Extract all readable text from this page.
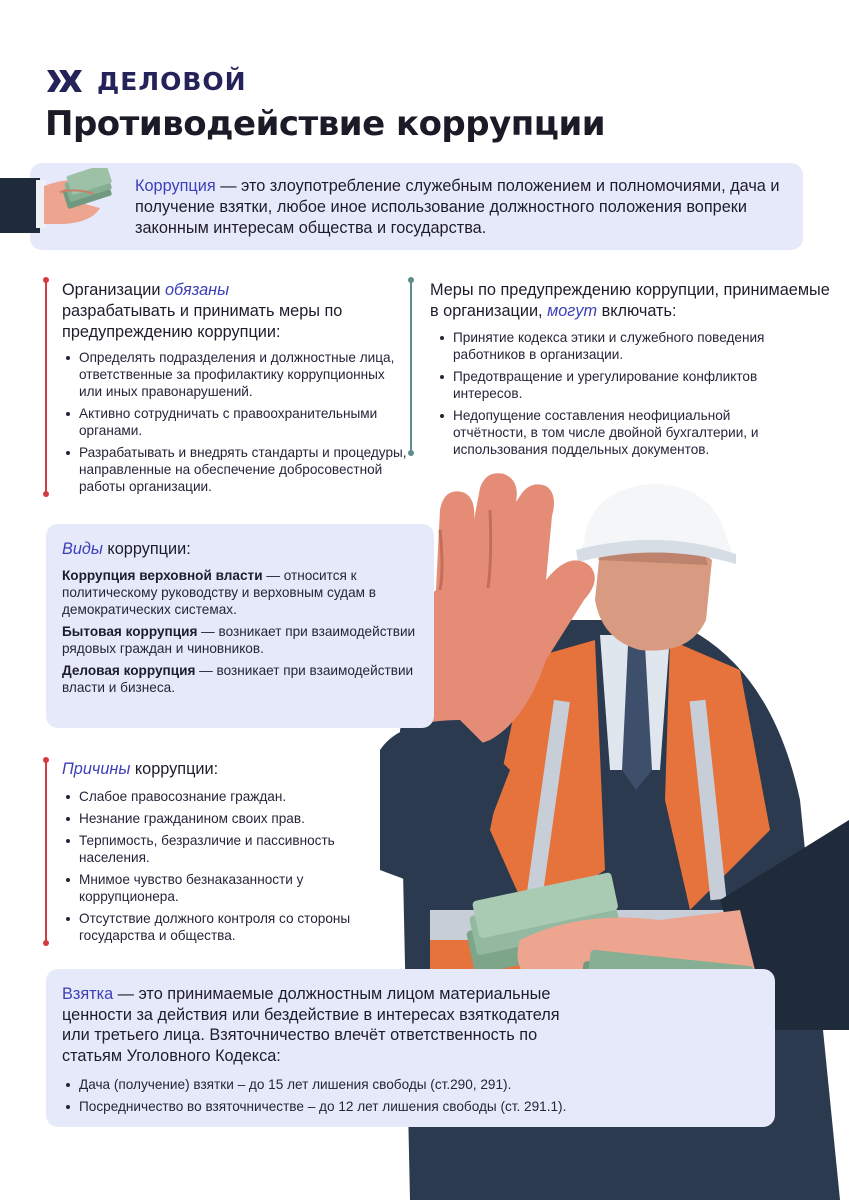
ДЕЛОВОЙ
Противодействие коррупции
Коррупция — это злоупотребление служебным положением и полномочиями, дача и получение взятки, любое иное использование должностного положения вопреки законным интересам общества и государства.
Организации обязаны
разрабатывать и принимать меры по предупреждению коррупции:
Определять подразделения и должностные лица, ответственные за профилактику коррупционных или иных правонарушений.
Активно сотрудничать с правоохранительными органами.
Разрабатывать и внедрять стандарты и процедуры, направленные на обеспечение добросовестной работы организации.
Меры по предупреждению коррупции, принимаемые в организации, могут включать:
Принятие кодекса этики и служебного поведения работников в организации.
Предотвращение и урегулирование конфликтов интересов.
Недопущение составления неофициальной отчётности, в том числе двойной бухгалтерии, и использования поддельных документов.
Виды коррупции:

Коррупция верховной власти — относится к политическому руководству и верховным судам в демократических системах.

Бытовая коррупция — возникает при взаимодействии рядовых граждан и чиновников.

Деловая коррупция — возникает при взаимодействии власти и бизнеса.

Причины коррупции:
Слабое правосознание граждан.
Незнание гражданином своих прав.
Терпимость, безразличие и пассивность населения.
Мнимое чувство безнаказанности у коррупционера.
Отсутствие должного контроля со стороны государства и общества.
Взятка — это принимаемые должностным лицом материальные ценности за действия или бездействие в интересах взяткодателя или третьего лица. Взяточничество влечёт ответственность по статьям Уголовного Кодекса:
Дача (получение) взятки – до 15 лет лишения свободы (ст.290, 291).
Посредничество во взяточничестве – до 12 лет лишения свободы (ст. 291.1).
